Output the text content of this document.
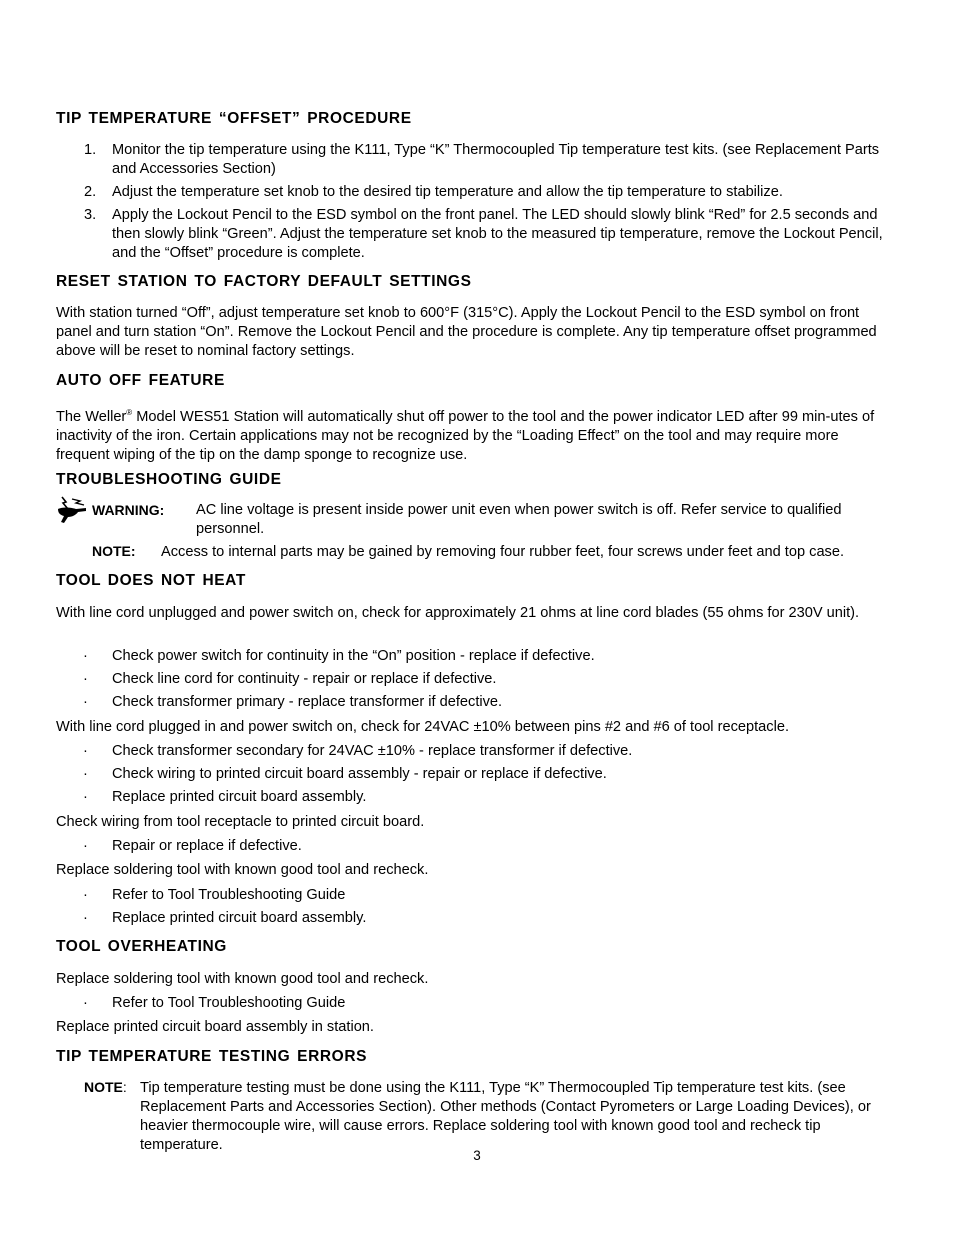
TIP TEMPERATURE “OFFSET” PROCEDURE
1. Monitor the tip temperature using the K111, Type “K” Thermocoupled Tip temperature test kits. (see Replacement Parts and Accessories Section)
2. Adjust the temperature set knob to the desired tip temperature and allow the tip temperature to stabilize.
3. Apply the Lockout Pencil to the ESD symbol on the front panel. The LED should slowly blink “Red” for 2.5 seconds and then slowly blink “Green”. Adjust the temperature set knob to the measured tip temperature, remove the Lockout Pencil, and the “Offset” procedure is complete.
RESET STATION TO FACTORY DEFAULT SETTINGS
With station turned “Off”, adjust temperature set knob to 600°F (315°C). Apply the Lockout Pencil to the ESD symbol on front panel and turn station “On”. Remove the Lockout Pencil and the procedure is complete. Any tip temperature offset programmed above will be reset to nominal factory settings.
AUTO OFF FEATURE
The Weller® Model WES51 Station will automatically shut off power to the tool and the power indicator LED after 99 min-utes of inactivity of the iron. Certain applications may not be recognized by the “Loading Effect” on the tool and may require more frequent wiping of the tip on the damp sponge to recognize use.
TROUBLESHOOTING GUIDE
WARNING: AC line voltage is present inside power unit even when power switch is off. Refer service to qualified personnel.
NOTE: Access to internal parts may be gained by removing four rubber feet, four screws under feet and top case.
TOOL DOES NOT HEAT
With line cord unplugged and power switch on, check for approximately 21 ohms at line cord blades (55 ohms for 230V unit).
· Check power switch for continuity in the “On” position - replace if defective.
· Check line cord for continuity - repair or replace if defective.
· Check transformer primary - replace transformer if defective.
With line cord plugged in and power switch on, check for 24VAC ±10% between pins #2 and #6 of tool receptacle.
· Check transformer secondary for 24VAC ±10% - replace transformer if defective.
· Check wiring to printed circuit board assembly - repair or replace if defective.
· Replace printed circuit board assembly.
Check wiring from tool receptacle to printed circuit board.
· Repair or replace if defective.
Replace soldering tool with known good tool and recheck.
· Refer to Tool Troubleshooting Guide
· Replace printed circuit board assembly.
TOOL OVERHEATING
Replace soldering tool with known good tool and recheck.
· Refer to Tool Troubleshooting Guide
Replace printed circuit board assembly in station.
TIP TEMPERATURE TESTING ERRORS
NOTE: Tip temperature testing must be done using the K111, Type “K” Thermocoupled Tip temperature test kits. (see Replacement Parts and Accessories Section). Other methods (Contact Pyrometers or Large Loading Devices), or heavier thermocouple wire, will cause errors. Replace soldering tool with known good tool and recheck tip temperature.
3
